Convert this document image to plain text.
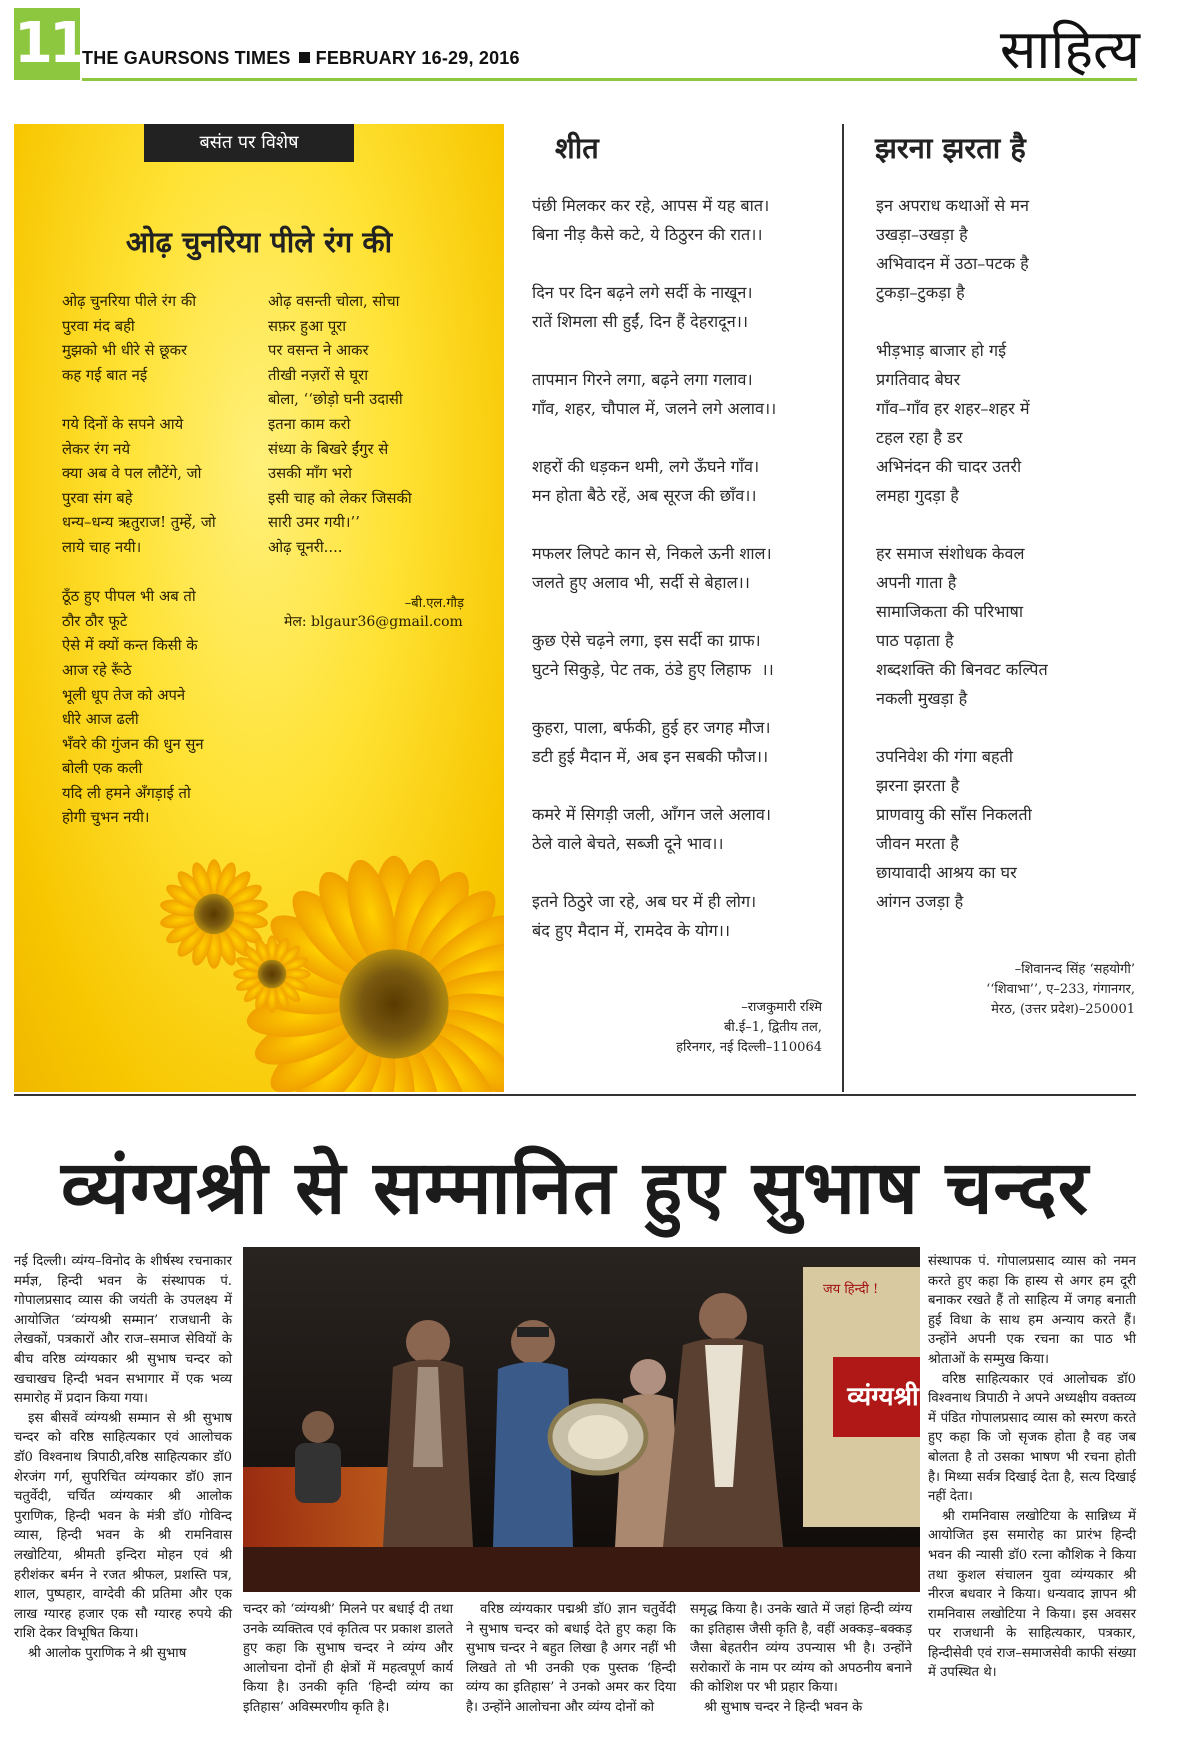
11
THE GAURSONS TIMES FEBRUARY 16-29, 2016	साहित्य
बसंत पर विशेष
ओढ़ चुनरिया पीले रंग की
ओढ़ चुनरिया पीले रंग की
पुरवा मंद बही
मुझको भी धीरे से छूकर
कह गई बात नई

गये दिनों के सपने आये
लेकर रंग नये
क्या अब वे पल लौटेंगे, जो
पुरवा संग बहे
धन्य–धन्य ऋतुराज! तुम्हें, जो
लाये चाह नयी।

ठूँठ हुए पीपल भी अब तो
ठौर ठौर फूटे
ऐसे में क्यों कन्त किसी के
आज रहे रूँठे
भूली धूप तेज को अपने
धीरे आज ढली
भँवरे की गुंजन की धुन सुन
बोली एक कली
यदि ली हमने अँगड़ाई तो
होगी चुभन नयी।
ओढ़ वसन्ती चोला, सोचा
सफ़र हुआ पूरा
पर वसन्त ने आकर
तीखी नज़रों से घूरा
बोला, ‘‘छोड़ो घनी उदासी
इतना काम करो
संध्या के बिखरे ईंगुर से
उसकी माँग भरो
इसी चाह को लेकर जिसकी
सारी उमर गयी।’’
ओढ़ चूनरी....
–बी.एल.गौड़
मेल: blgaur36@gmail.com
शीत
पंछी मिलकर कर रहे, आपस में यह बात।
बिना नीड़ कैसे कटे, ये ठिठुरन की रात।।

दिन पर दिन बढ़ने लगे सर्दी के नाखून।
रातें शिमला सी हुईं, दिन हैं देहरादून।।

तापमान गिरने लगा, बढ़ने लगा गलाव।
गाँव, शहर, चौपाल में, जलने लगे अलाव।।

शहरों की धड़कन थमी, लगे ऊँघने गाँव।
मन होता बैठे रहें, अब सूरज की छाँव।।

मफलर लिपटे कान से, निकले ऊनी शाल।
जलते हुए अलाव भी, सर्दी से बेहाल।।

कुछ ऐसे चढ़ने लगा, इस सर्दी का ग्राफ।
घुटने सिकुड़े, पेट तक, ठंडे हुए लिहाफ  ।।

कुहरा, पाला, बर्फकी, हुई हर जगह मौज।
डटी हुई मैदान में, अब इन सबकी फौज।।

कमरे में सिगड़ी जली, आँगन जले अलाव।
ठेले वाले बेचते, सब्जी दूने भाव।।

इतने ठिठुरे जा रहे, अब घर में ही लोग।
बंद हुए मैदान में, रामदेव के योग।।
–राजकुमारी रश्मि
बी.ई–1, द्वितीय तल,
हरिनगर, नई दिल्ली–110064
झरना झरता है
इन अपराध कथाओं से मन
उखड़ा–उखड़ा है
अभिवादन में उठा–पटक है
टुकड़ा–टुकड़ा है

भीड़भाड़ बाजार हो गई
प्रगतिवाद बेघर
गाँव–गाँव हर शहर–शहर में
टहल रहा है डर
अभिनंदन की चादर उतरी
लमहा गुदड़ा है

हर समाज संशोधक केवल
अपनी गाता है
सामाजिकता की परिभाषा
पाठ पढ़ाता है
शब्दशक्ति की बिनवट कल्पित
नकली मुखड़ा है

उपनिवेश की गंगा बहती
झरना झरता है
प्राणवायु की साँस निकलती
जीवन मरता है
छायावादी आश्रय का घर
आंगन उजड़ा है
–शिवानन्द सिंह ‘सहयोगी’
‘‘शिवाभा’’, ए–233, गंगानगर,
मेरठ, (उत्तर प्रदेश)–250001
व्यंग्यश्री से सम्मानित हुए सुभाष चन्दर

नई दिल्ली। व्यंग्य–विनोद के शीर्षस्थ रचनाकार मर्मज्ञ, हिन्दी भवन के संस्थापक पं. गोपालप्रसाद व्यास की जयंती के उपलक्ष्य में आयोजित ‘व्यंग्यश्री सम्मान’ राजधानी के लेखकों, पत्रकारों और राज–समाज सेवियों के बीच वरिष्ठ व्यंग्यकार श्री सुभाष चन्दर को खचाखच हिन्दी भवन सभागार में एक भव्य समारोह में प्रदान किया गया।

इस बीसवें व्यंग्यश्री सम्मान से श्री सुभाष चन्दर को वरिष्ठ साहित्यकार एवं आलोचक डॉ0 विश्वनाथ त्रिपाठी,वरिष्ठ साहित्यकार डॉ0 शेरजंग गर्ग, सुपरिचित व्यंग्यकार डॉ0 ज्ञान चतुर्वेदी, चर्चित व्यंग्यकार श्री आलोक पुराणिक, हिन्दी भवन के मंत्री डॉ0 गोविन्द व्यास, हिन्दी भवन के श्री रामनिवास लखोटिया, श्रीमती इन्दिरा मोहन एवं श्री हरीशंकर बर्मन ने रजत श्रीफल, प्रशस्ति पत्र, शाल, पुष्पहार, वाग्देवी की प्रतिमा और एक लाख ग्यारह हजार एक सौ ग्यारह रुपये की राशि देकर विभूषित किया।

श्री आलोक पुराणिक ने श्री सुभाष

व्यंग्यश्री
जय हिन्दी !

चन्दर को ‘व्यंग्यश्री’ मिलने पर बधाई दी तथा उनके व्यक्तित्व एवं कृतित्व पर प्रकाश डालते हुए कहा कि सुभाष चन्दर ने व्यंग्य और आलोचना दोनों ही क्षेत्रों में महत्वपूर्ण कार्य किया है। उनकी कृति ‘हिन्दी व्यंग्य का इतिहास’ अविस्मरणीय कृति है।

वरिष्ठ व्यंग्यकार पद्मश्री डॉ0 ज्ञान चतुर्वेदी ने सुभाष चन्दर को बधाई देते हुए कहा कि सुभाष चन्दर ने बहुत लिखा है अगर नहीं भी लिखते तो भी उनकी एक पुस्तक ‘हिन्दी व्यंग्य का इतिहास’ ने उनको अमर कर दिया है। उन्होंने आलोचना और व्यंग्य दोनों को

समृद्ध किया है। उनके खाते में जहां हिन्दी व्यंग्य का इतिहास जैसी कृति है, वहीं अक्कड़–बक्कड़ जैसा बेहतरीन व्यंग्य उपन्यास भी है। उन्होंने सरोकारों के नाम पर व्यंग्य को अपठनीय बनाने की कोशिश पर भी प्रहार किया।

श्री सुभाष चन्दर ने हिन्दी भवन के

संस्थापक पं. गोपालप्रसाद व्यास को नमन करते हुए कहा कि हास्य से अगर हम दूरी बनाकर रखते हैं तो साहित्य में जगह बनाती हुई विधा के साथ हम अन्याय करते हैं। उन्होंने अपनी एक रचना का पाठ भी श्रोताओं के सम्मुख किया।

वरिष्ठ साहित्यकार एवं आलोचक डॉ0 विश्वनाथ त्रिपाठी ने अपने अध्यक्षीय वक्तव्य में पंडित गोपालप्रसाद व्यास को स्मरण करते हुए कहा कि जो सृजक होता है वह जब बोलता है तो उसका भाषण भी रचना होती है। मिथ्या सर्वत्र दिखाई देता है, सत्य दिखाई नहीं देता।

श्री रामनिवास लखोटिया के सान्निध्य में आयोजित इस समारोह का प्रारंभ हिन्दी भवन की न्यासी डॉ0 रत्ना कौशिक ने किया तथा कुशल संचालन युवा व्यंग्यकार श्री नीरज बधवार ने किया। धन्यवाद ज्ञापन श्री रामनिवास लखोटिया ने किया। इस अवसर पर राजधानी के साहित्यकार, पत्रकार, हिन्दीसेवी एवं राज–समाजसेवी काफी संख्या में उपस्थित थे।
